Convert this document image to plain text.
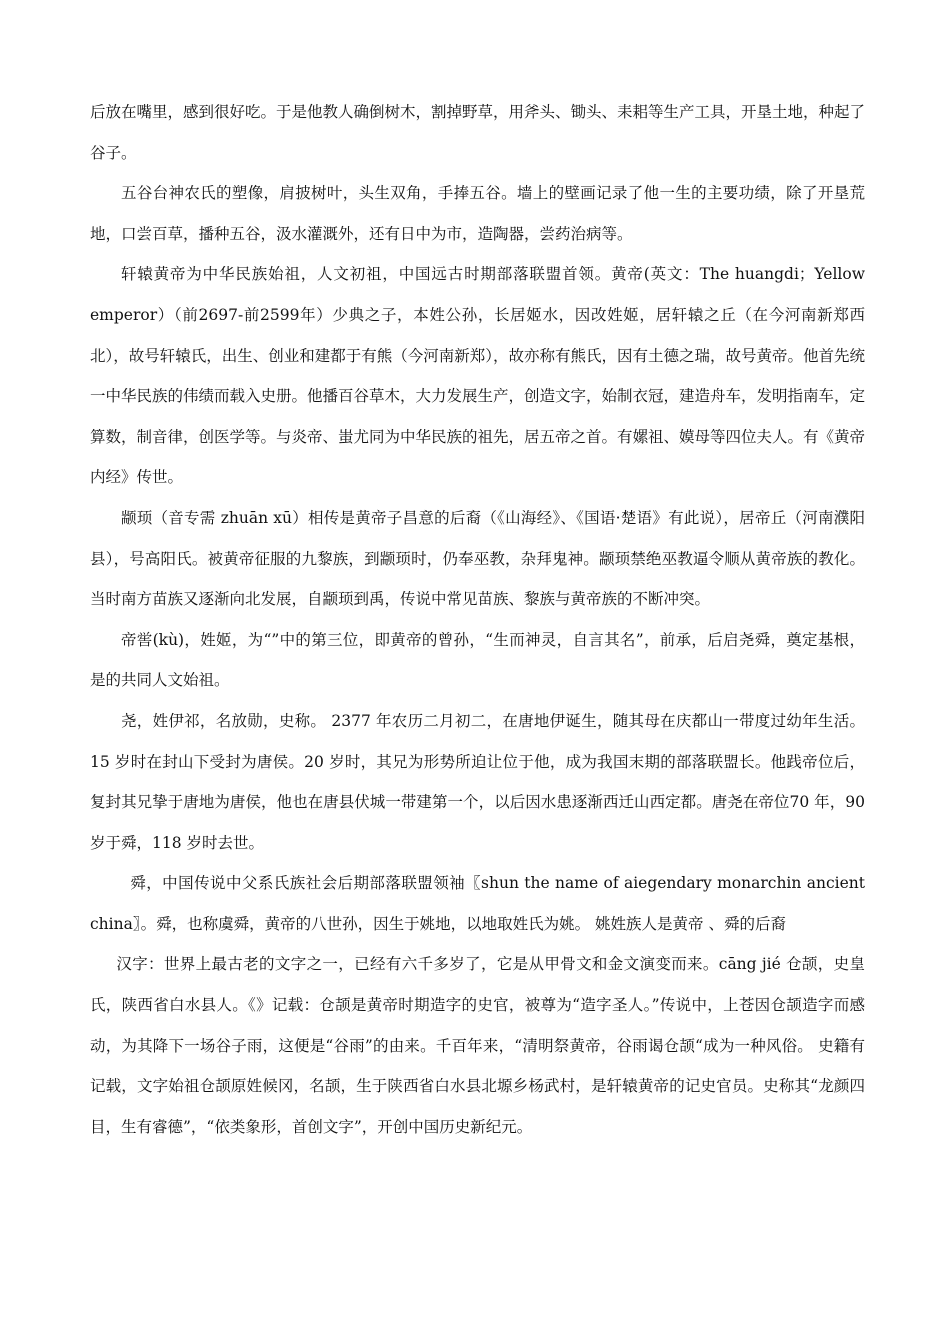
后放在嘴里，感到很好吃。于是他教人确倒树木，割掉野草，用斧头、锄头、耒耜等生产工具，开垦土地，种起了谷子。

五谷台神农氏的塑像，肩披树叶，头生双角，手捧五谷。墙上的壁画记录了他一生的主要功绩，除了开垦荒地，口尝百草，播种五谷，汲水灌溉外，还有日中为市，造陶器，尝药治病等。

轩辕黄帝为中华民族始祖，人文初祖，中国远古时期部落联盟首领。黄帝(英文：The huangdi；Yellow emperor）（前2697-前2599年）少典之子，本姓公孙，长居姬水，因改姓姬，居轩辕之丘（在今河南新郑西北），故号轩辕氏，出生、创业和建都于有熊（今河南新郑），故亦称有熊氏，因有土德之瑞，故号黄帝。他首先统一中华民族的伟绩而载入史册。他播百谷草木，大力发展生产，创造文字，始制衣冠，建造舟车，发明指南车，定算数，制音律，创医学等。与炎帝、蚩尤同为中华民族的祖先，居五帝之首。有嫘祖、嫫母等四位夫人。有《黄帝内经》传世。

颛顼（音专需 zhuān xū）相传是黄帝子昌意的后裔（《山海经》、《国语·楚语》有此说），居帝丘（河南濮阳县），号高阳氏。被黄帝征服的九黎族，到颛顼时，仍奉巫教，杂拜鬼神。颛顼禁绝巫教逼令顺从黄帝族的教化。当时南方苗族又逐渐向北发展，自颛顼到禹，传说中常见苗族、黎族与黄帝族的不断冲突。

帝喾(kù)，姓姬，为“”中的第三位，即黄帝的曾孙，“生而神灵，自言其名”，前承，后启尧舜，奠定基根，是的共同人文始祖。

尧，姓伊祁，名放勋，史称。 2377 年农历二月初二，在唐地伊诞生，随其母在庆都山一带度过幼年生活。15 岁时在封山下受封为唐侯。20 岁时，其兄为形势所迫让位于他，成为我国末期的部落联盟长。他践帝位后，复封其兄挚于唐地为唐侯，他也在唐县伏城一带建第一个，以后因水患逐渐西迁山西定都。唐尧在帝位70 年，90 岁于舜，118 岁时去世。

舜，中国传说中父系氏族社会后期部落联盟领袖〖shun the name of aiegendary monarchin ancient china〗。舜，也称虞舜，黄帝的八世孙，因生于姚地，以地取姓氏为姚。 姚姓族人是黄帝 、舜的后裔

汉字：世界上最古老的文字之一，已经有六千多岁了，它是从甲骨文和金文演变而来。cāng jié 仓颉，史皇氏，陕西省白水县人。《》记载：仓颉是黄帝时期造字的史官，被尊为“造字圣人。”传说中，上苍因仓颉造字而感动，为其降下一场谷子雨，这便是“谷雨”的由来。千百年来，“清明祭黄帝，谷雨谒仓颉“成为一种风俗。 史籍有记载，文字始祖仓颉原姓候冈，名颉，生于陕西省白水县北塬乡杨武村，是轩辕黄帝的记史官员。史称其“龙颜四目，生有睿德”，“依类象形，首创文字”，开创中国历史新纪元。
